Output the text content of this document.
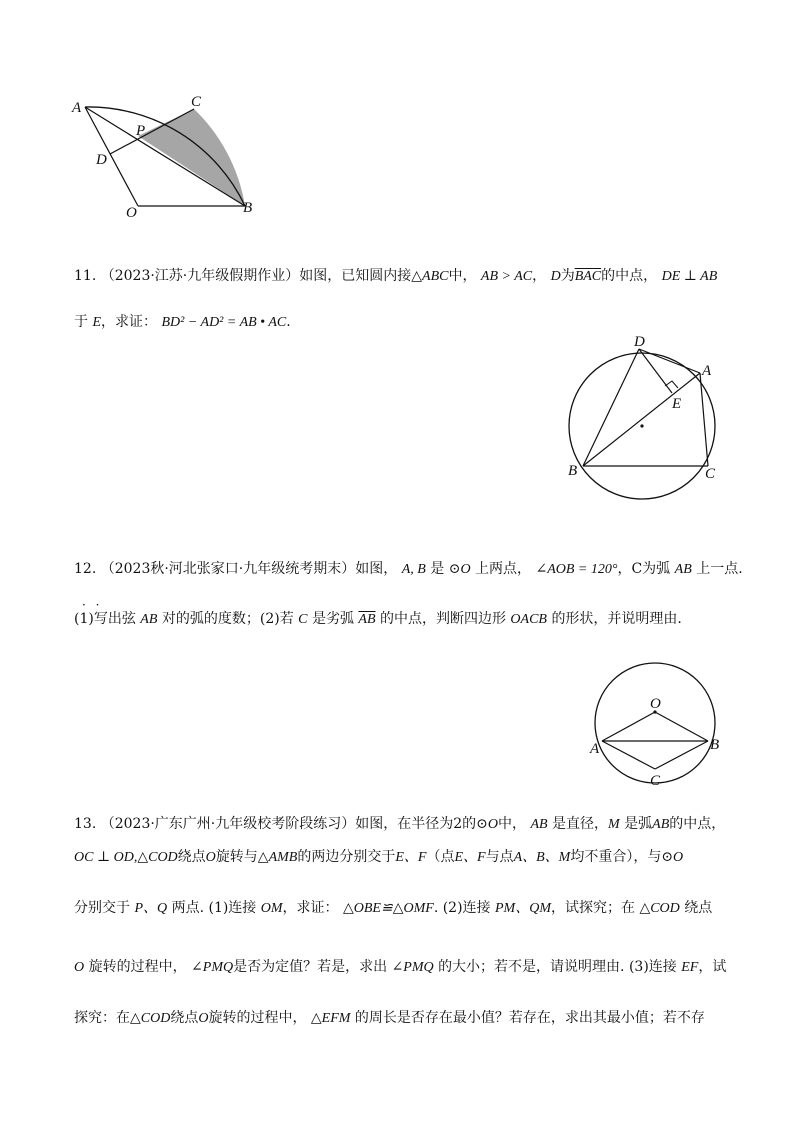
A	C
P
D
O	B
11. （2023·江苏·九年级假期作业）如图，已知圆内接△ABC中， AB > AC， D为$\overline{BAC}$的中点， DE ⊥ AB
于 E，求证： BD² − AD² = AB • AC.
D
A
E
B	C
12. （2023秋·河北张家口·九年级统考期末）如图， A, B 是 ⊙O 上两点， ∠AOB = 120°，C为弧 AB 上一点.
· ·
(1)写出弦 AB 对的弧的度数；(2)若 C 是劣弧 $\overline{AB}$ 的中点，判断四边形 OACB 的形状，并说明理由.
O
A	B
C
13. （2023·广东广州·九年级校考阶段练习）如图，在半径为2的⊙O中， AB 是直径，M 是弧AB的中点，
OC ⊥ OD,△COD绕点O旋转与△AMB的两边分别交于E、F（点E、F与点A、B、M均不重合），与⊙O
分别交于 P、Q 两点. (1)连接 OM，求证： △OBE≌△OMF. (2)连接 PM、QM，试探究；在 △COD 绕点
O 旋转的过程中， ∠PMQ是否为定值？若是，求出 ∠PMQ 的大小；若不是，请说明理由. (3)连接 EF，试
探究：在△COD绕点O旋转的过程中， △EFM 的周长是否存在最小值？若存在，求出其最小值；若不存
